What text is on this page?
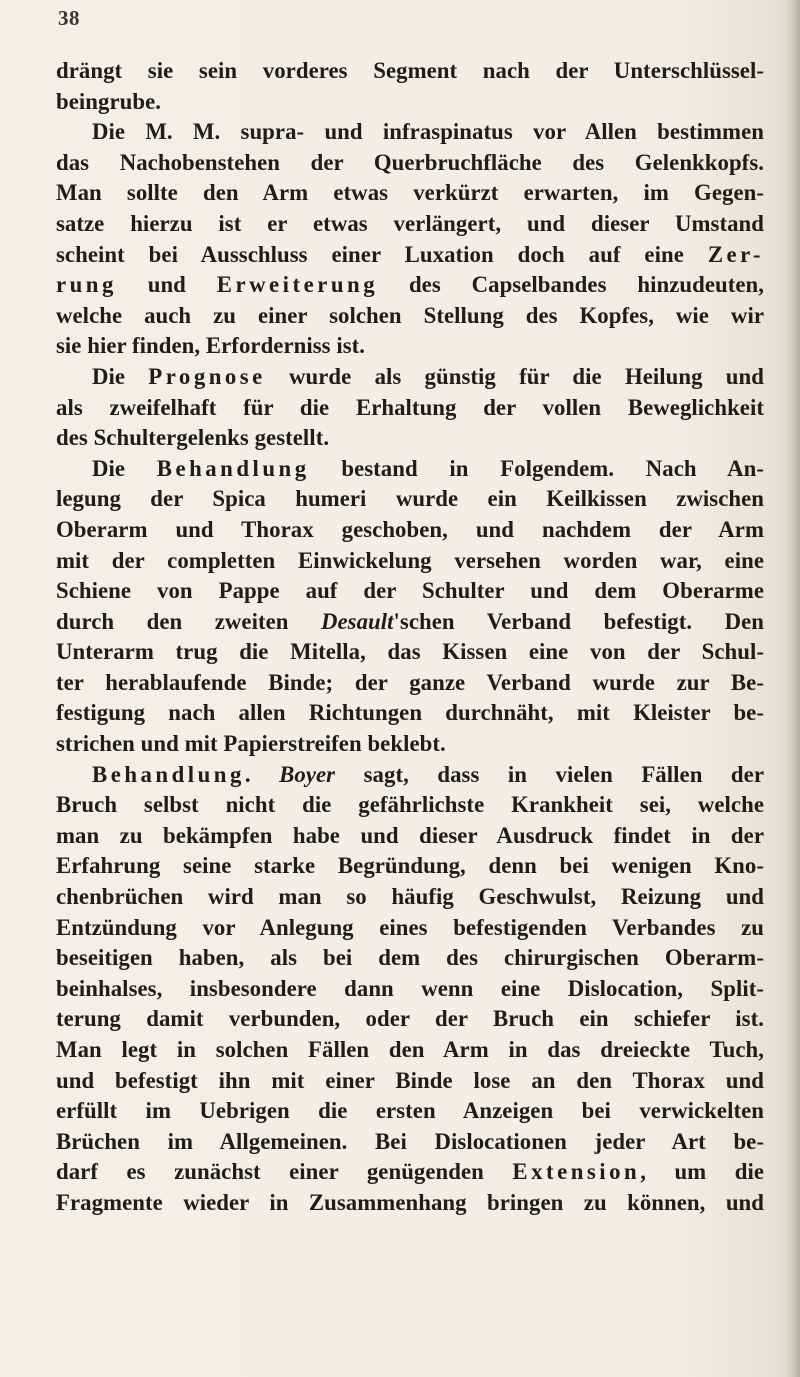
38
drängt sie sein vorderes Segment nach der Unterschlüssel-
beingrube.
Die M. M. supra- und infraspinatus vor Allen bestimmen
das Nachobenstehen der Querbruchfläche des Gelenkkopfs.
Man sollte den Arm etwas verkürzt erwarten, im Gegen-
satze hierzu ist er etwas verlängert, und dieser Umstand
scheint bei Ausschluss einer Luxation doch auf eine Zer-
rung und Erweiterung des Capselbandes hinzudeuten,
welche auch zu einer solchen Stellung des Kopfes, wie wir
sie hier finden, Erforderniss ist.
Die Prognose wurde als günstig für die Heilung und
als zweifelhaft für die Erhaltung der vollen Beweglichkeit
des Schultergelenks gestellt.
Die Behandlung bestand in Folgendem. Nach An-
legung der Spica humeri wurde ein Keilkissen zwischen
Oberarm und Thorax geschoben, und nachdem der Arm
mit der completten Einwickelung versehen worden war, eine
Schiene von Pappe auf der Schulter und dem Oberarme
durch den zweiten Desault'schen Verband befestigt. Den
Unterarm trug die Mitella, das Kissen eine von der Schul-
ter herablaufende Binde; der ganze Verband wurde zur Be-
festigung nach allen Richtungen durchnäht, mit Kleister be-
strichen und mit Papierstreifen beklebt.
Behandlung. Boyer sagt, dass in vielen Fällen der
Bruch selbst nicht die gefährlichste Krankheit sei, welche
man zu bekämpfen habe und dieser Ausdruck findet in der
Erfahrung seine starke Begründung, denn bei wenigen Kno-
chenbrüchen wird man so häufig Geschwulst, Reizung und
Entzündung vor Anlegung eines befestigenden Verbandes zu
beseitigen haben, als bei dem des chirurgischen Oberarm-
beinhalses, insbesondere dann wenn eine Dislocation, Split-
terung damit verbunden, oder der Bruch ein schiefer ist.
Man legt in solchen Fällen den Arm in das dreieckte Tuch,
und befestigt ihn mit einer Binde lose an den Thorax und
erfüllt im Uebrigen die ersten Anzeigen bei verwickelten
Brüchen im Allgemeinen. Bei Dislocationen jeder Art be-
darf es zunächst einer genügenden Extension, um die
Fragmente wieder in Zusammenhang bringen zu können, und
